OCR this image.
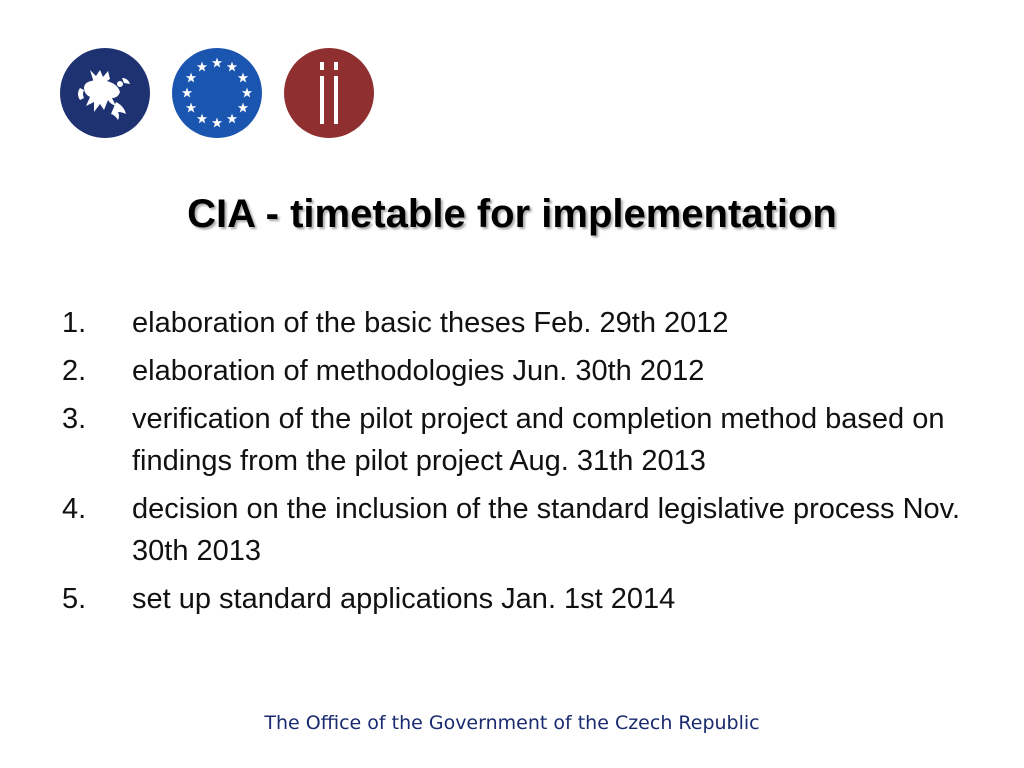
CIA - timetable for implementation
1. elaboration of the basic theses Feb. 29th 2012
2. elaboration of methodologies Jun. 30th 2012
3. verification of the pilot project and completion method based on findings from the pilot project Aug. 31th 2013
4. decision on the inclusion of the standard legislative process Nov. 30th 2013
5. set up standard applications Jan. 1st 2014

The Office of the Government of the Czech Republic
